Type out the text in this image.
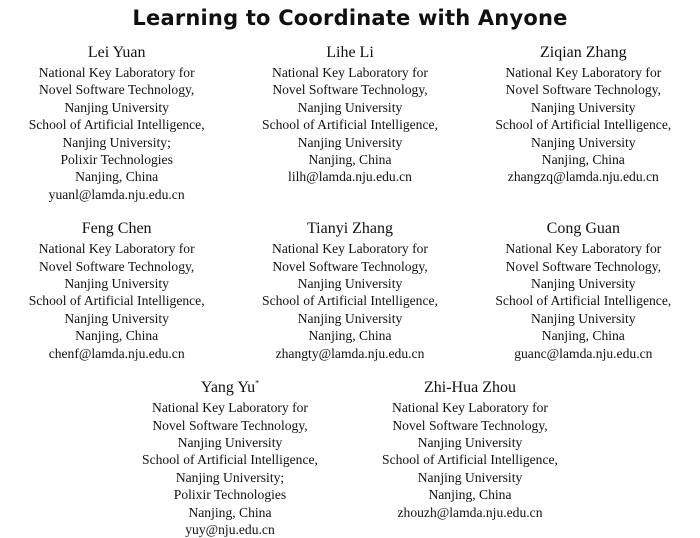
Learning to Coordinate with Anyone
Lei Yuan
National Key Laboratory for
Novel Software Technology,
Nanjing University
School of Artificial Intelligence,
Nanjing University;
Polixir Technologies
Nanjing, China
yuanl@lamda.nju.edu.cn
Lihe Li
National Key Laboratory for
Novel Software Technology,
Nanjing University
School of Artificial Intelligence,
Nanjing University
Nanjing, China
lilh@lamda.nju.edu.cn
Ziqian Zhang
National Key Laboratory for
Novel Software Technology,
Nanjing University
School of Artificial Intelligence,
Nanjing University
Nanjing, China
zhangzq@lamda.nju.edu.cn
Feng Chen
National Key Laboratory for
Novel Software Technology,
Nanjing University
School of Artificial Intelligence,
Nanjing University
Nanjing, China
chenf@lamda.nju.edu.cn
Tianyi Zhang
National Key Laboratory for
Novel Software Technology,
Nanjing University
School of Artificial Intelligence,
Nanjing University
Nanjing, China
zhangty@lamda.nju.edu.cn
Cong Guan
National Key Laboratory for
Novel Software Technology,
Nanjing University
School of Artificial Intelligence,
Nanjing University
Nanjing, China
guanc@lamda.nju.edu.cn
Yang Yu*
National Key Laboratory for
Novel Software Technology,
Nanjing University
School of Artificial Intelligence,
Nanjing University;
Polixir Technologies
Nanjing, China
yuy@nju.edu.cn
Zhi-Hua Zhou
National Key Laboratory for
Novel Software Technology,
Nanjing University
School of Artificial Intelligence,
Nanjing University
Nanjing, China
zhouzh@lamda.nju.edu.cn
